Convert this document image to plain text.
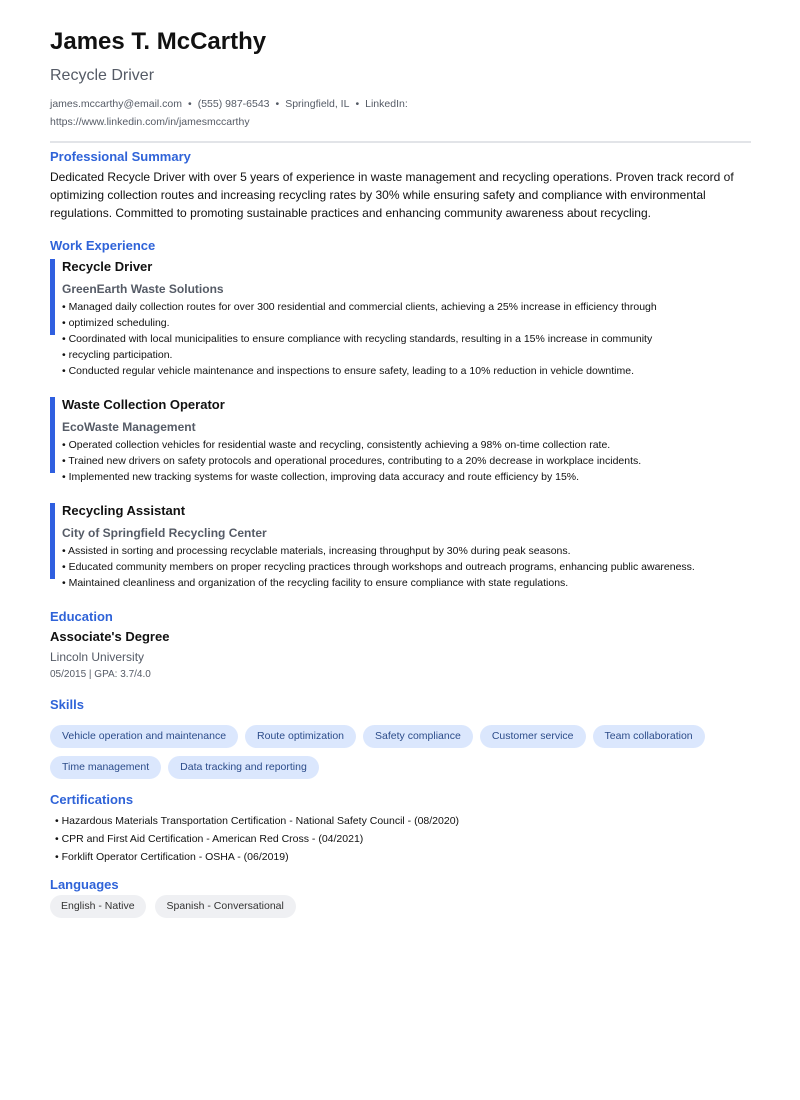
James T. McCarthy
Recycle Driver
james.mccarthy@email.com • (555) 987-6543 • Springfield, IL • LinkedIn:
https://www.linkedin.com/in/jamesmccarthy
Professional Summary
Dedicated Recycle Driver with over 5 years of experience in waste management and recycling operations. Proven track record of optimizing collection routes and increasing recycling rates by 30% while ensuring safety and compliance with environmental regulations. Committed to promoting sustainable practices and enhancing community awareness about recycling.
Work Experience
Recycle Driver
GreenEarth Waste Solutions
• Managed daily collection routes for over 300 residential and commercial clients, achieving a 25% increase in efficiency through
• optimized scheduling.
• Coordinated with local municipalities to ensure compliance with recycling standards, resulting in a 15% increase in community
• recycling participation.
• Conducted regular vehicle maintenance and inspections to ensure safety, leading to a 10% reduction in vehicle downtime.
Waste Collection Operator
EcoWaste Management
• Operated collection vehicles for residential waste and recycling, consistently achieving a 98% on-time collection rate.
• Trained new drivers on safety protocols and operational procedures, contributing to a 20% decrease in workplace incidents.
• Implemented new tracking systems for waste collection, improving data accuracy and route efficiency by 15%.
Recycling Assistant
City of Springfield Recycling Center
• Assisted in sorting and processing recyclable materials, increasing throughput by 30% during peak seasons.
• Educated community members on proper recycling practices through workshops and outreach programs, enhancing public awareness.
• Maintained cleanliness and organization of the recycling facility to ensure compliance with state regulations.
Education
Associate's Degree
Lincoln University
05/2015 | GPA: 3.7/4.0
Skills
Vehicle operation and maintenance	Route optimization	Safety compliance	Customer service	Team collaboration
Time management	Data tracking and reporting
Certifications
• Hazardous Materials Transportation Certification - National Safety Council - (08/2020)
• CPR and First Aid Certification - American Red Cross - (04/2021)
• Forklift Operator Certification - OSHA - (06/2019)
Languages
English - Native	Spanish - Conversational
